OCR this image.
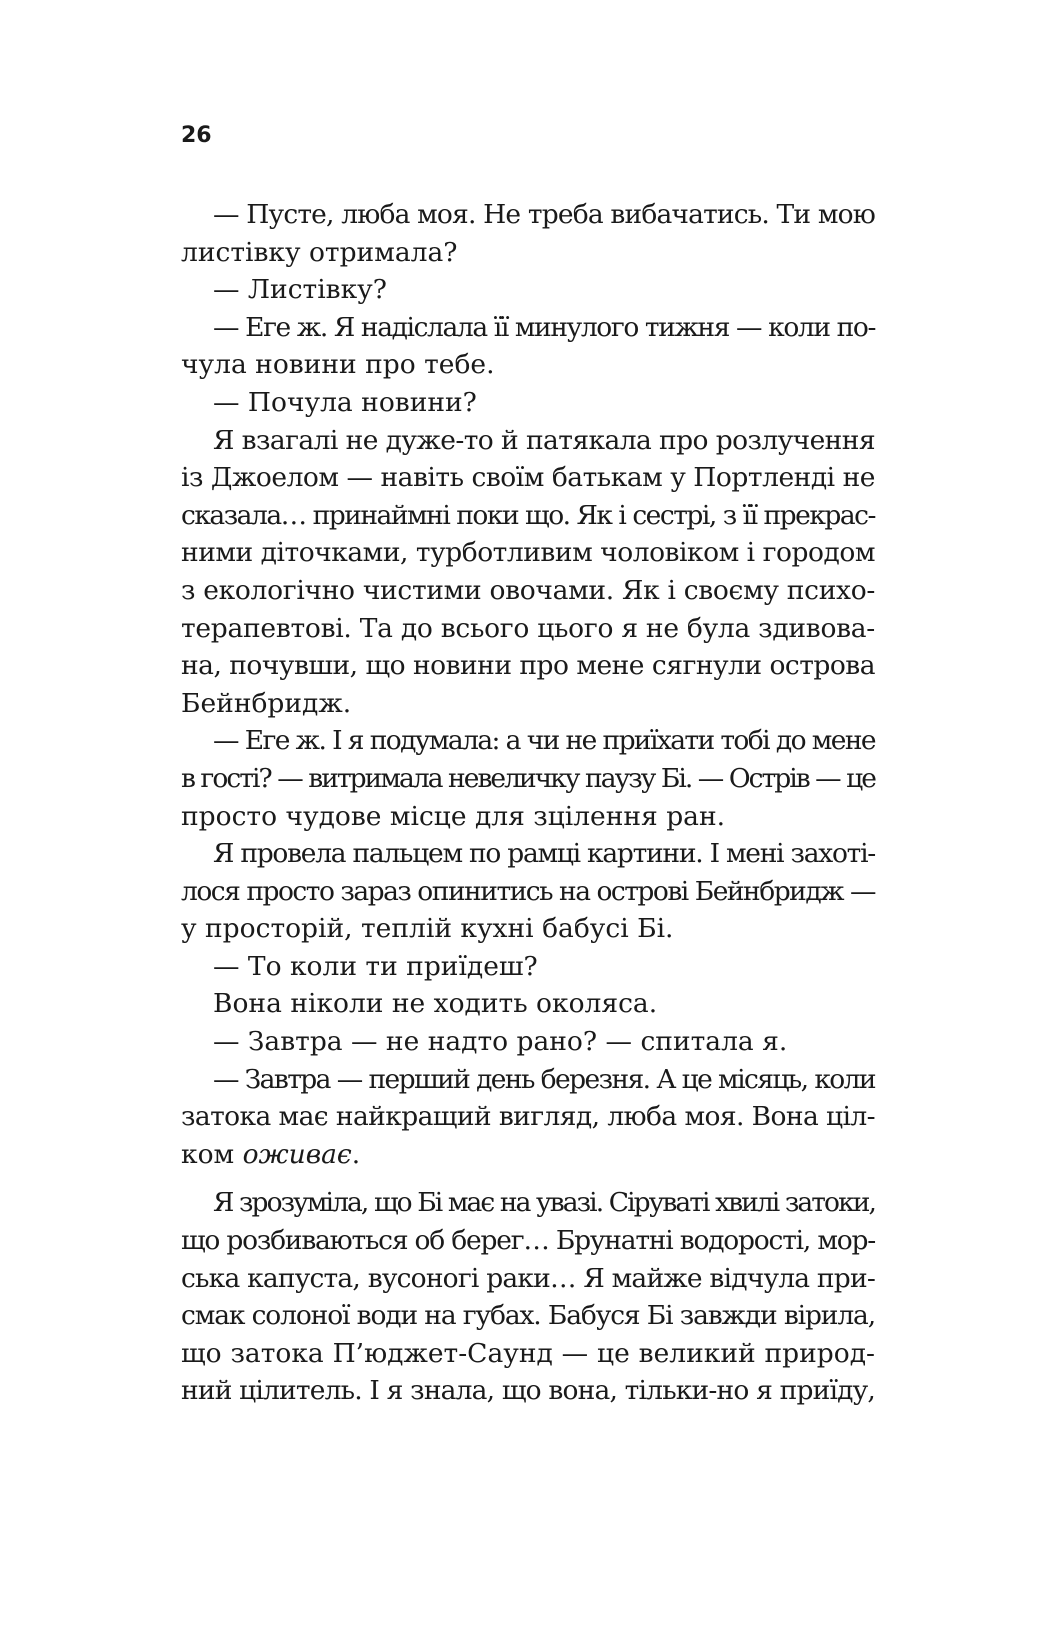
26
— Пусте, люба моя. Не треба вибачатись. Ти мою
листівку отримала?
— Листівку?
— Еге ж. Я надіслала її минулого тижня — коли по-
чула новини про тебе.
— Почула новини?
Я взагалі не дуже-то й патякала про розлучення
із Джоелом — навіть своїм батькам у Портленді не
сказала… принаймні поки що. Як і сестрі, з її прекрас-
ними діточками, турботливим чоловіком і городом
з екологічно чистими овочами. Як і своєму психо-
терапевтові. Та до всього цього я не була здивова-
на, почувши, що новини про мене сягнули острова
Бейнбридж.
— Еге ж. І я подумала: а чи не приїхати тобі до мене
в гості? — витримала невеличку паузу Бі. — Острів — це
просто чудове місце для зцілення ран.
Я провела пальцем по рамці картини. І мені захоті-
лося просто зараз опинитись на острові Бейнбридж —
у просторій, теплій кухні бабусі Бі.
— То коли ти приїдеш?
Вона ніколи не ходить околяса.
— Завтра — не надто рано? — спитала я.
— Завтра — перший день березня. А це місяць, коли
затока має найкращий вигляд, люба моя. Вона ціл-
ком оживає.
Я зрозуміла, що Бі має на увазі. Сіруваті хвилі затоки,
що розбиваються об берег… Брунатні водорості, мор-
ська капуста, вусоногі раки… Я майже відчула при-
смак солоної води на губах. Бабуся Бі завжди вірила,
що затока П’юджет-Саунд — це великий природ-
ний цілитель. І я знала, що вона, тільки-но я приїду,
